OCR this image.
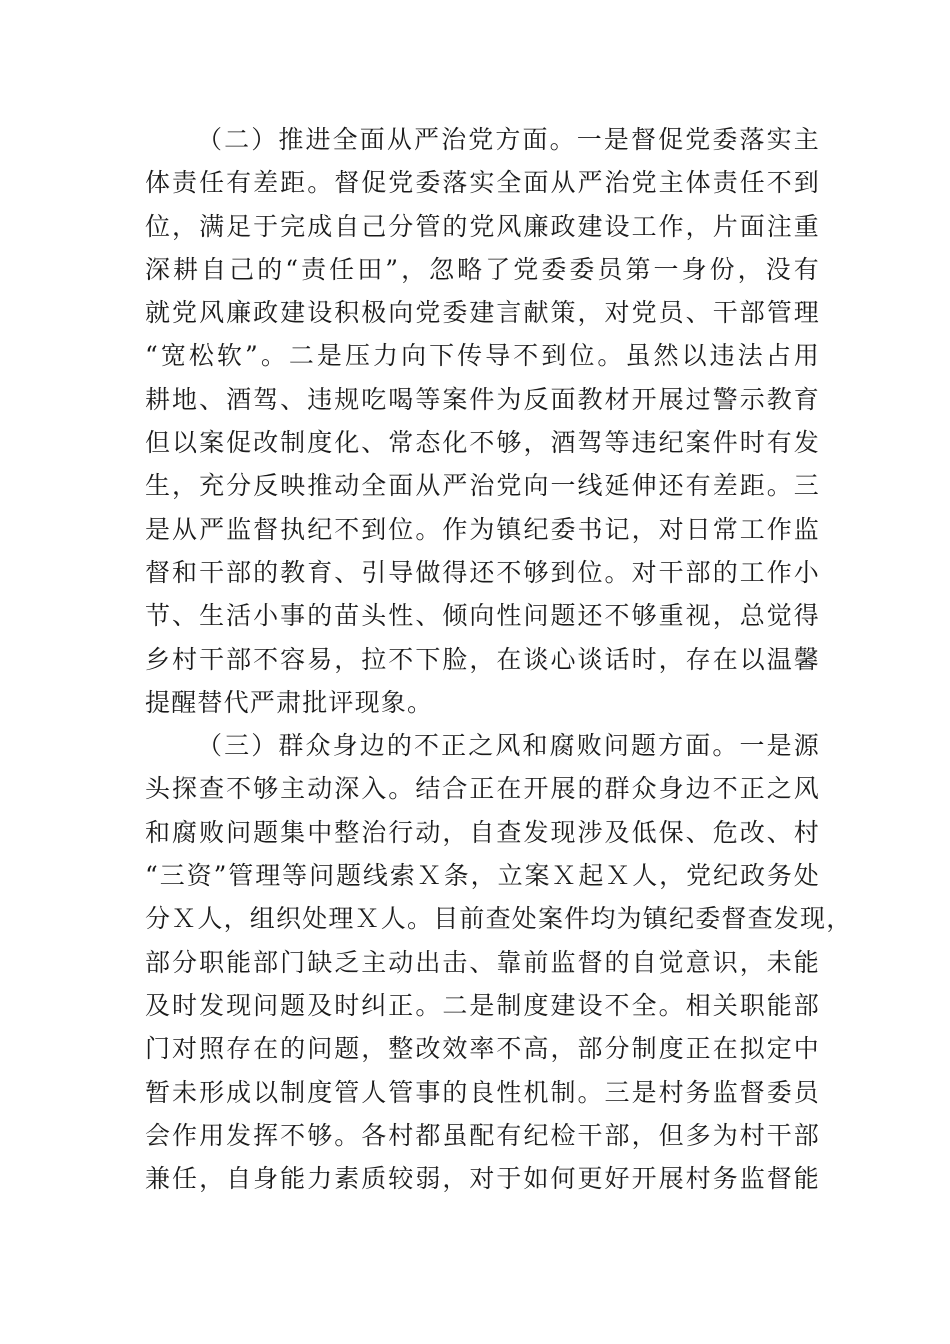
（二）推进全面从严治党方面。一是督促党委落实主
体责任有差距。督促党委落实全面从严治党主体责任不到
位，满足于完成自己分管的党风廉政建设工作，片面注重
深耕自己的“责任田”，忽略了党委委员第一身份，没有
就党风廉政建设积极向党委建言献策，对党员、干部管理
“宽松软”。二是压力向下传导不到位。虽然以违法占用
耕地、酒驾、违规吃喝等案件为反面教材开展过警示教育
但以案促改制度化、常态化不够，酒驾等违纪案件时有发
生，充分反映推动全面从严治党向一线延伸还有差距。三
是从严监督执纪不到位。作为镇纪委书记，对日常工作监
督和干部的教育、引导做得还不够到位。对干部的工作小
节、生活小事的苗头性、倾向性问题还不够重视，总觉得
乡村干部不容易，拉不下脸，在谈心谈话时，存在以温馨
提醒替代严肃批评现象。
（三）群众身边的不正之风和腐败问题方面。一是源
头探查不够主动深入。结合正在开展的群众身边不正之风
和腐败问题集中整治行动，自查发现涉及低保、危改、村
“三资”管理等问题线索Ｘ条，立案Ｘ起Ｘ人，党纪政务处
分Ｘ人，组织处理Ｘ人。目前查处案件均为镇纪委督查发现，
部分职能部门缺乏主动出击、靠前监督的自觉意识，未能
及时发现问题及时纠正。二是制度建设不全。相关职能部
门对照存在的问题，整改效率不高，部分制度正在拟定中
暂未形成以制度管人管事的良性机制。三是村务监督委员
会作用发挥不够。各村都虽配有纪检干部，但多为村干部
兼任，自身能力素质较弱，对于如何更好开展村务监督能
